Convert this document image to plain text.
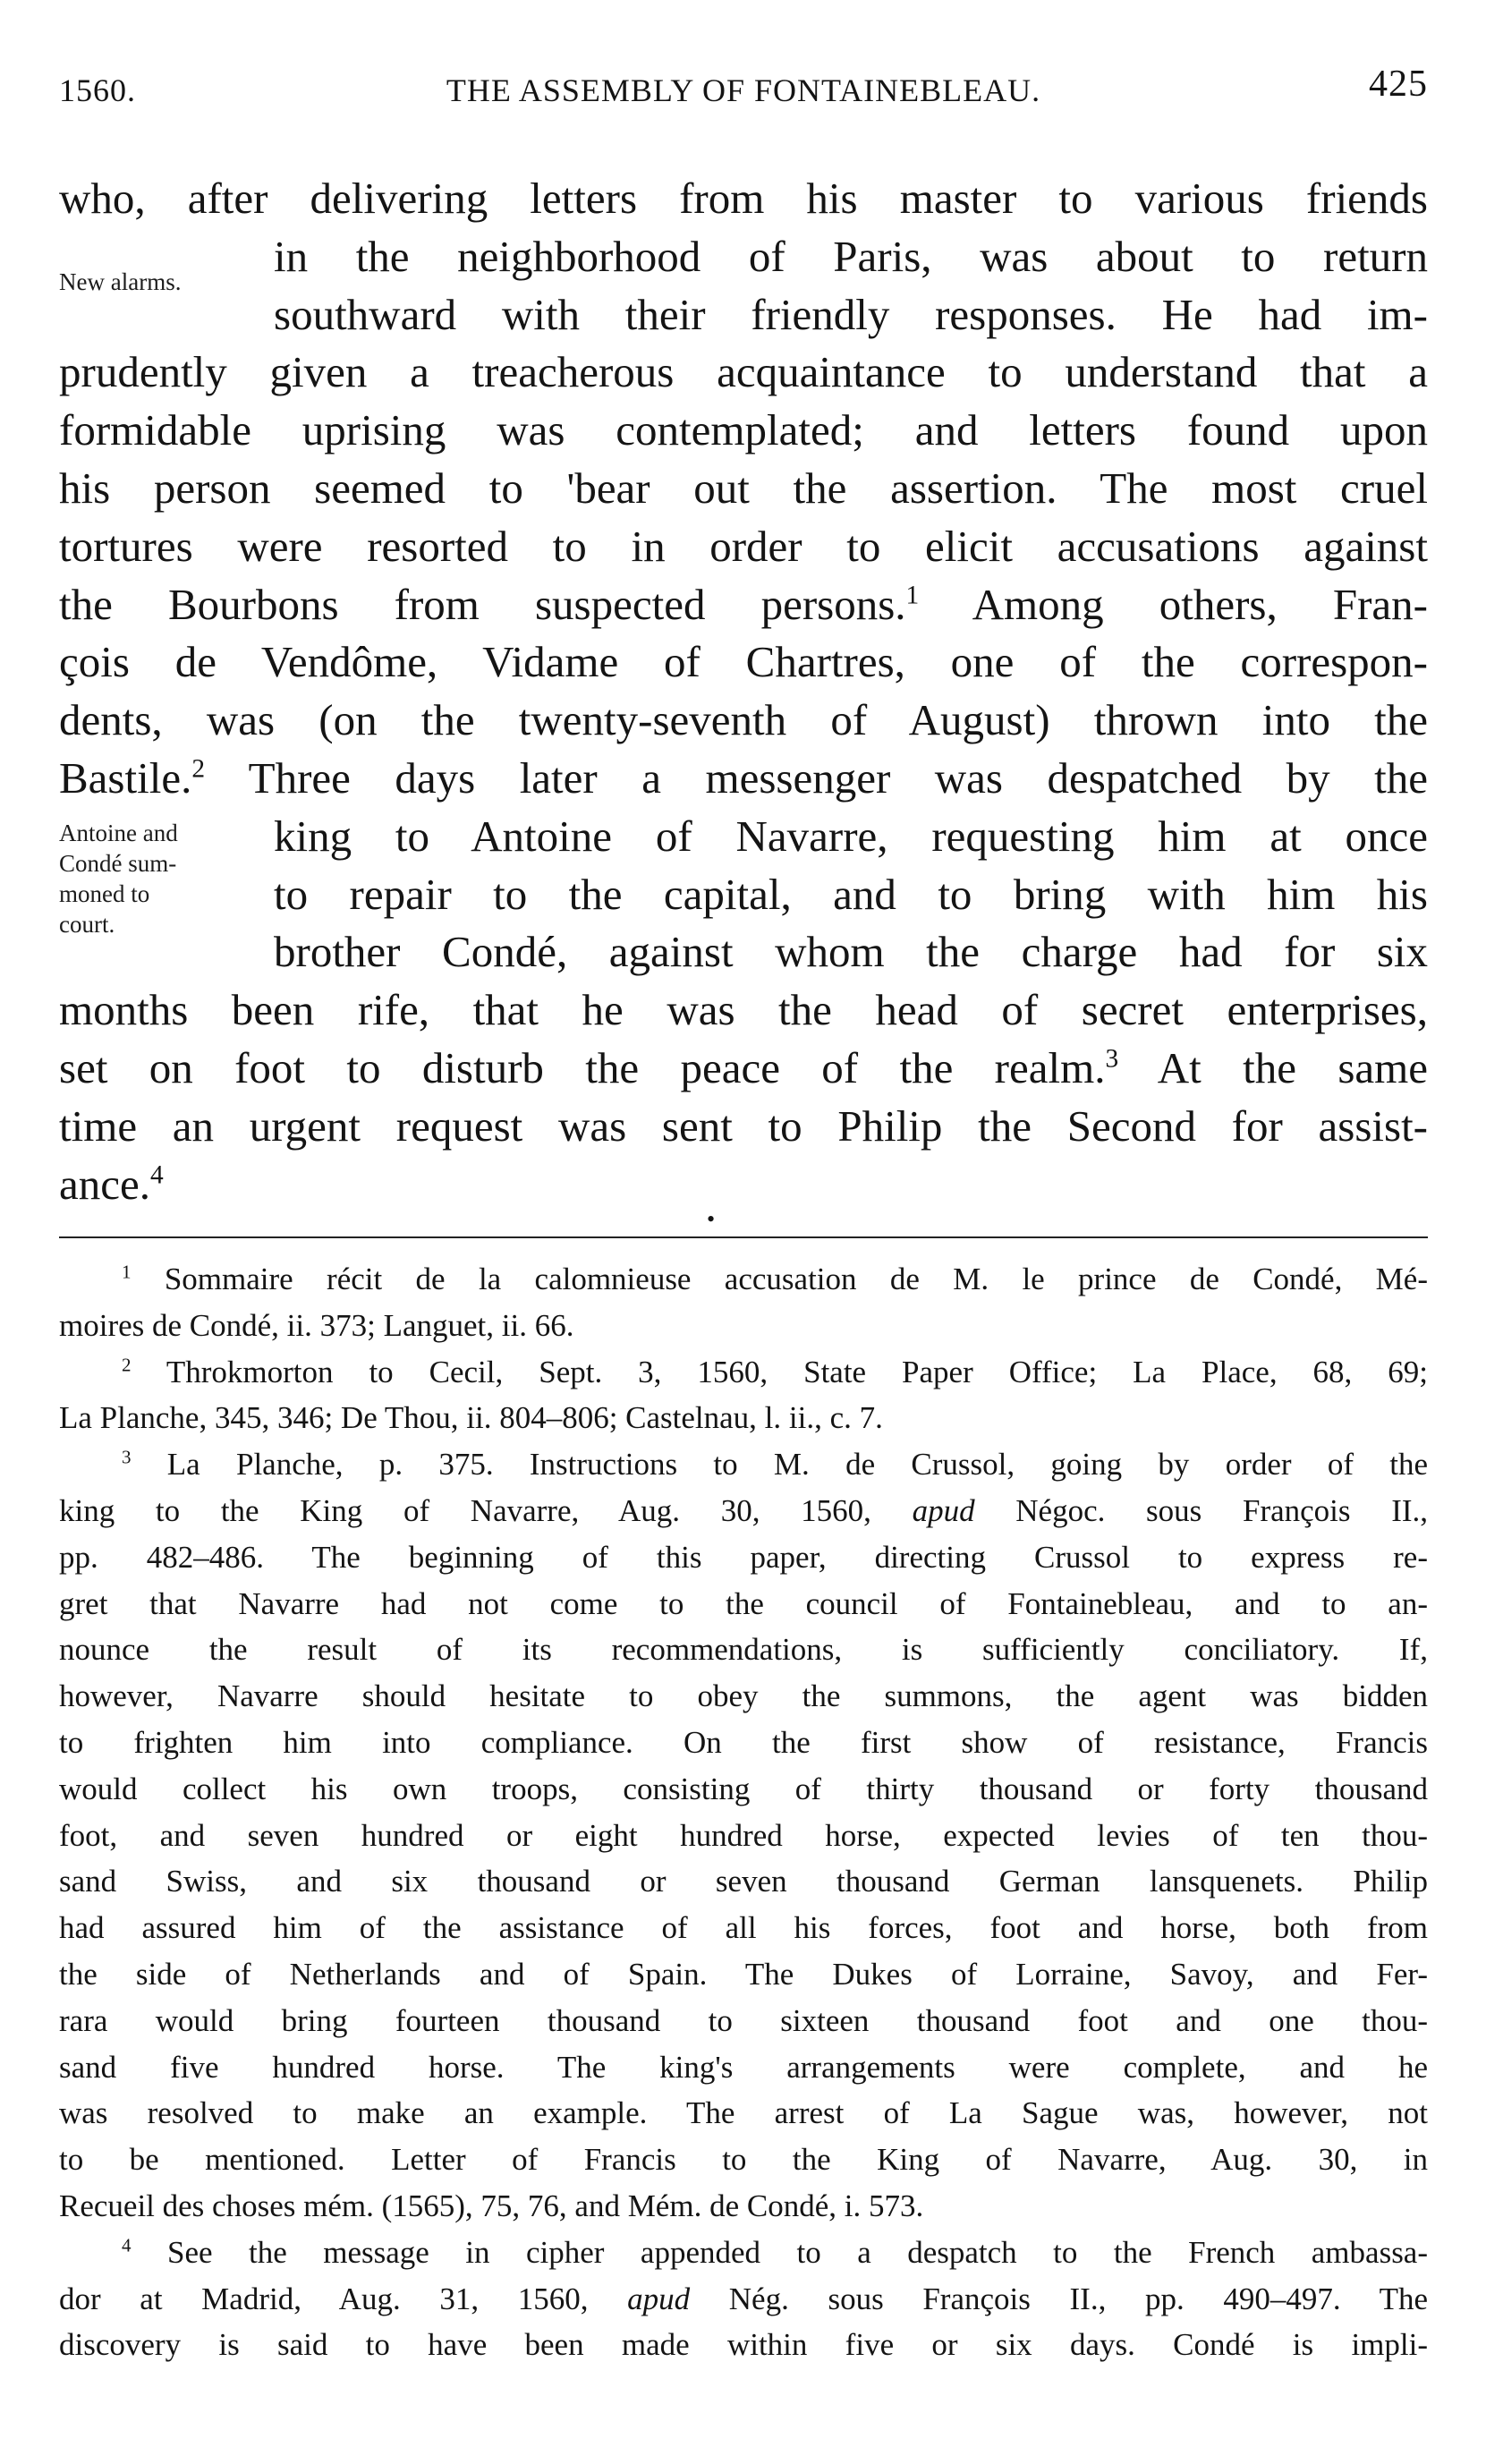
1560.	THE ASSEMBLY OF FONTAINEBLEAU.	425
New alarms.
Antoine and
Condé sum-
moned to
court.
who, after delivering letters from his master to various friends
in the neighborhood of Paris, was about to return
southward with their friendly responses. He had im-
prudently given a treacherous acquaintance to understand that a
formidable uprising was contemplated; and letters found upon
his person seemed to 'bear out the assertion. The most cruel
tortures were resorted to in order to elicit accusations against
the Bourbons from suspected persons.$^1$ Among others, Fran-
çois de Vendôme, Vidame of Chartres, one of the correspon-
dents, was (on the twenty-seventh of August) thrown into the
Bastile.$^2$ Three days later a messenger was despatched by the
king to Antoine of Navarre, requesting him at once
to repair to the capital, and to bring with him his
brother Condé, against whom the charge had for six
months been rife, that he was the head of secret enterprises,
set on foot to disturb the peace of the realm.$^3$ At the same
time an urgent request was sent to Philip the Second for assist-
ance.$^4$
•
$^1$ Sommaire récit de la calomnieuse accusation de M. le prince de Condé, Mé-
moires de Condé, ii. 373; Languet, ii. 66.
$^2$ Throkmorton to Cecil, Sept. 3, 1560, State Paper Office; La Place, 68, 69;
La Planche, 345, 346; De Thou, ii. 804–806; Castelnau, l. ii., c. 7.
$^3$ La Planche, p. 375. Instructions to M. de Crussol, going by order of the
king to the King of Navarre, Aug. 30, 1560, apud Négoc. sous François II.,
pp. 482–486. The beginning of this paper, directing Crussol to express re-
gret that Navarre had not come to the council of Fontainebleau, and to an-
nounce the result of its recommendations, is sufficiently conciliatory. If,
however, Navarre should hesitate to obey the summons, the agent was bidden
to frighten him into compliance. On the first show of resistance, Francis
would collect his own troops, consisting of thirty thousand or forty thousand
foot, and seven hundred or eight hundred horse, expected levies of ten thou-
sand Swiss, and six thousand or seven thousand German lansquenets. Philip
had assured him of the assistance of all his forces, foot and horse, both from
the side of Netherlands and of Spain. The Dukes of Lorraine, Savoy, and Fer-
rara would bring fourteen thousand to sixteen thousand foot and one thou-
sand five hundred horse. The king's arrangements were complete, and he
was resolved to make an example. The arrest of La Sague was, however, not
to be mentioned. Letter of Francis to the King of Navarre, Aug. 30, in
Recueil des choses mém. (1565), 75, 76, and Mém. de Condé, i. 573.
$^4$ See the message in cipher appended to a despatch to the French ambassa-
dor at Madrid, Aug. 31, 1560, apud Nég. sous François II., pp. 490–497. The
discovery is said to have been made within five or six days. Condé is impli-
